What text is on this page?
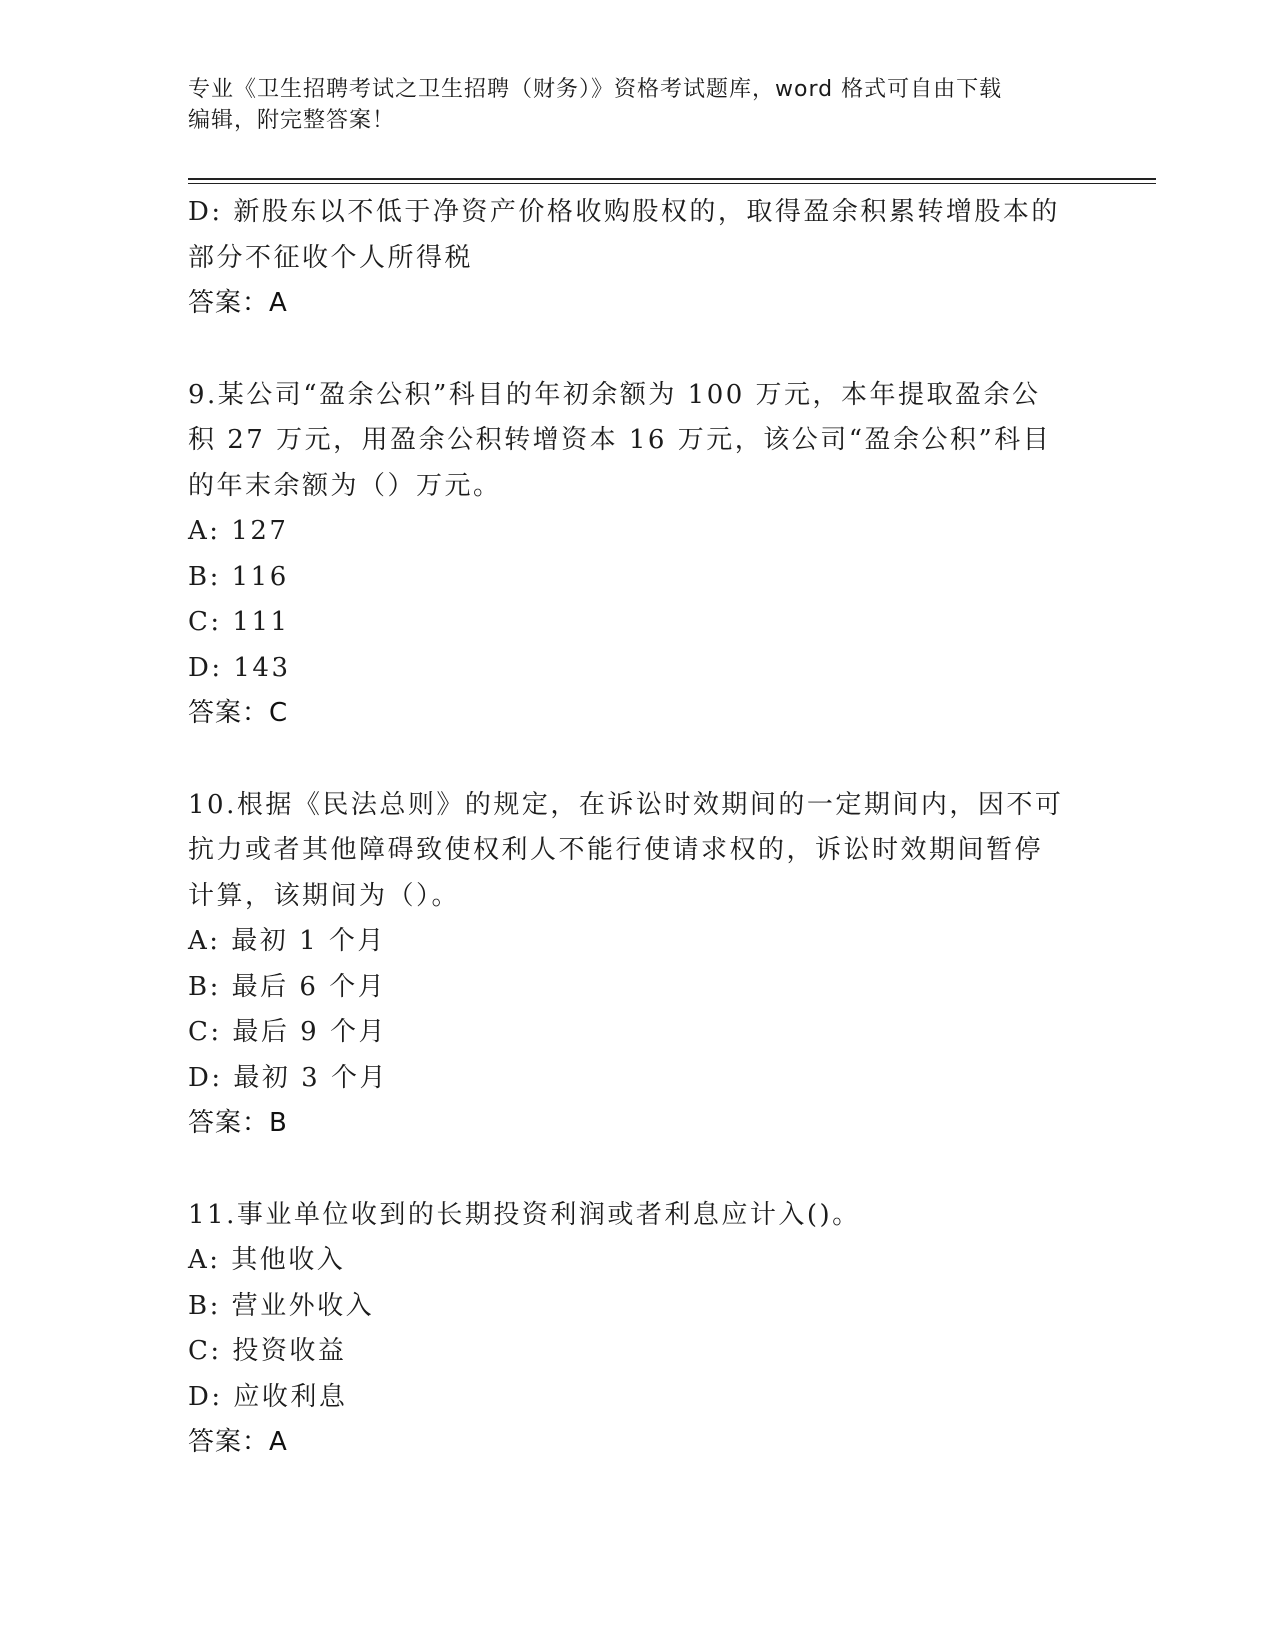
专业《卫生招聘考试之卫生招聘（财务）》资格考试题库，word 格式可自由下载
编辑，附完整答案！
D: 新股东以不低于净资产价格收购股权的，取得盈余积累转增股本的
部分不征收个人所得税
答案：A
9.某公司“盈余公积”科目的年初余额为 100 万元，本年提取盈余公
积 27 万元，用盈余公积转增资本 16 万元，该公司“盈余公积”科目
的年末余额为（）万元。
A: 127
B: 116
C: 111
D: 143
答案：C
10.根据《民法总则》的规定，在诉讼时效期间的一定期间内，因不可
抗力或者其他障碍致使权利人不能行使请求权的，诉讼时效期间暂停
计算，该期间为（）。
A: 最初 1 个月
B: 最后 6 个月
C: 最后 9 个月
D: 最初 3 个月
答案：B
11.事业单位收到的长期投资利润或者利息应计入()。
A: 其他收入
B: 营业外收入
C: 投资收益
D: 应收利息
答案：A
